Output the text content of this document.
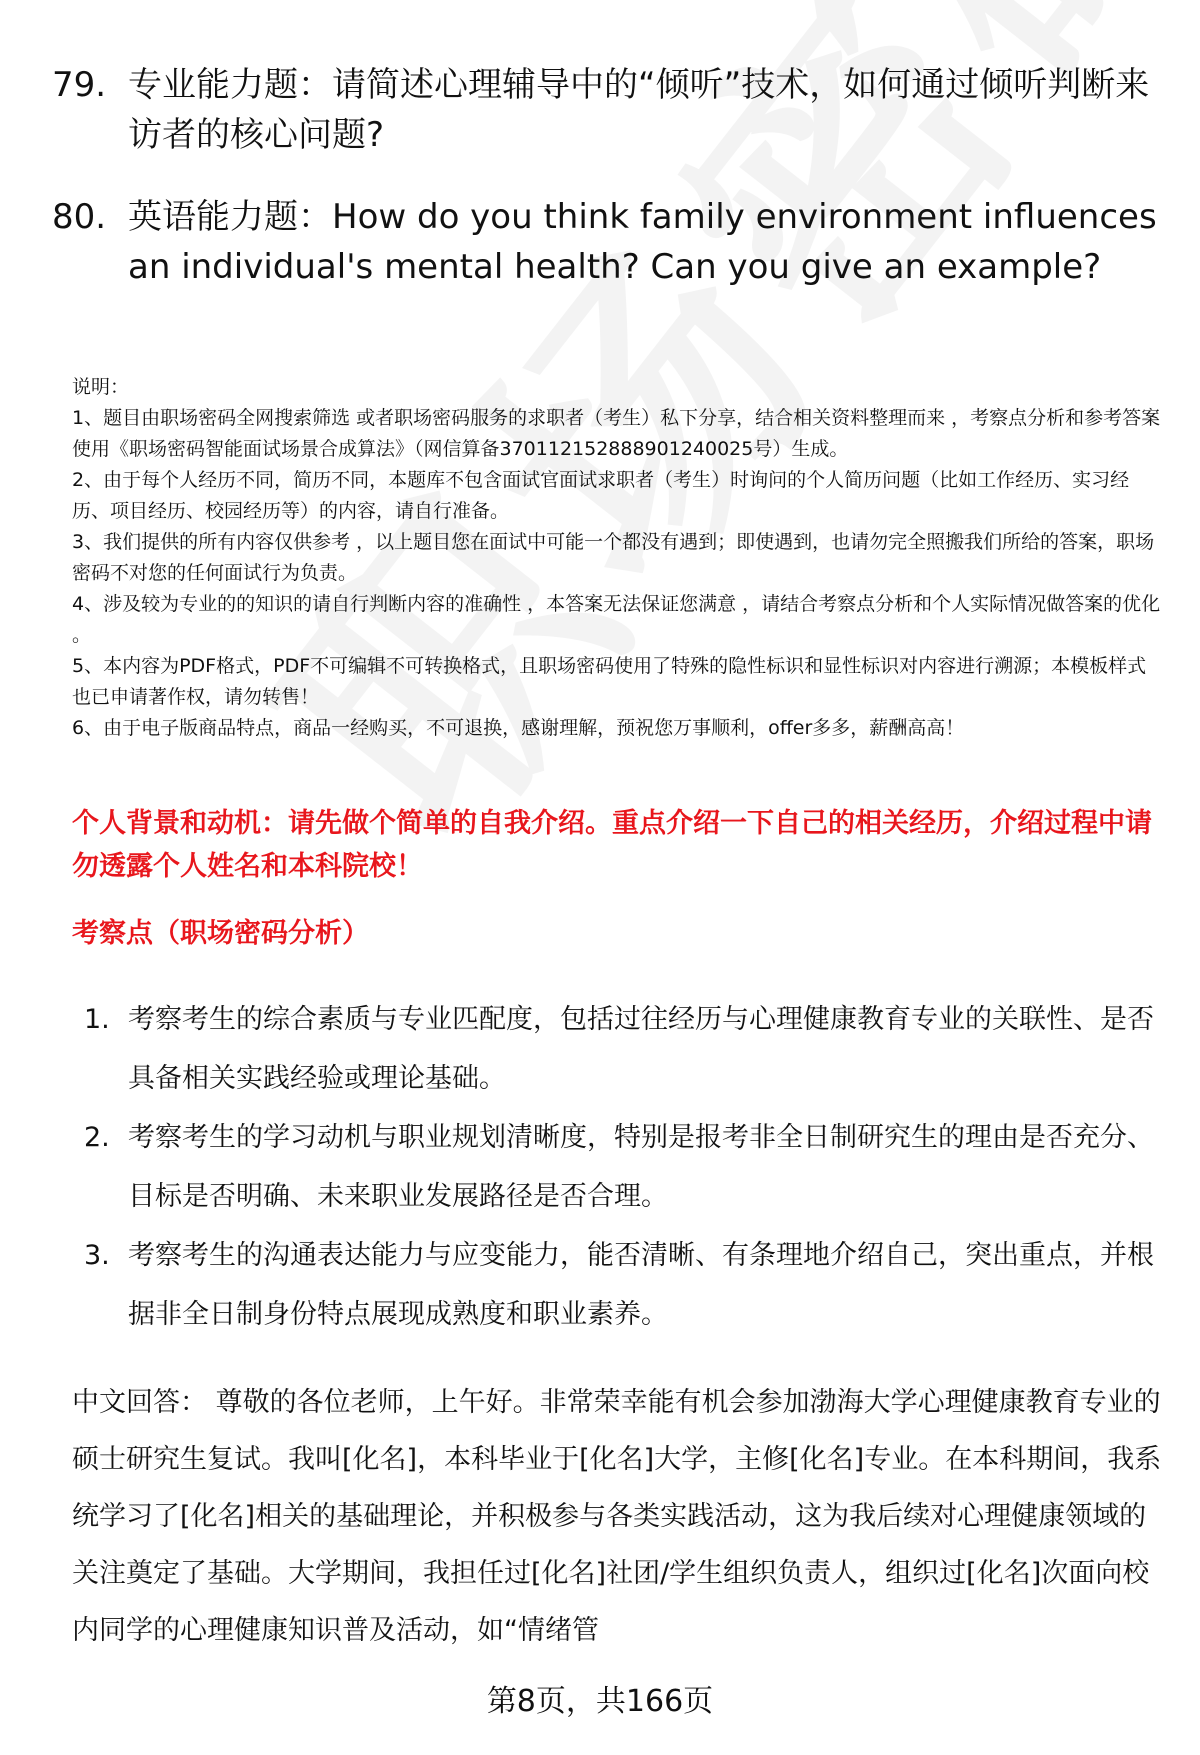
79. 专业能力题：请简述心理辅导中的“倾听”技术，如何通过倾听判断来访者的核心问题?
80. 英语能力题：How do you think family environment influences an individual's mental health? Can you give an example?

说明：

1、题目由职场密码全网搜索筛选 或者职场密码服务的求职者（考生）私下分享，结合相关资料整理而来 ，考察点分析和参考答案使用《职场密码智能面试场景合成算法》（网信算备370112152888901240025号）生成。

2、由于每个人经历不同，简历不同，本题库不包含面试官面试求职者（考生）时询问的个人简历问题（比如工作经历、实习经历、项目经历、校园经历等）的内容，请自行准备。

3、我们提供的所有内容仅供参考 ，以上题目您在面试中可能一个都没有遇到；即使遇到，也请勿完全照搬我们所给的答案，职场密码不对您的任何面试行为负责。

4、涉及较为专业的的知识的请自行判断内容的准确性 ，本答案无法保证您满意 ，请结合考察点分析和个人实际情况做答案的优化 。

5、本内容为PDF格式，PDF不可编辑不可转换格式，且职场密码使用了特殊的隐性标识和显性标识对内容进行溯源；本模板样式也已申请著作权，请勿转售！

6、由于电子版商品特点，商品一经购买，不可退换，感谢理解，预祝您万事顺利，offer多多，薪酬高高！

个人背景和动机：请先做个简单的自我介绍。重点介绍一下自己的相关经历，介绍过程中请勿透露个人姓名和本科院校！
考察点（职场密码分析）
1. 考察考生的综合素质与专业匹配度，包括过往经历与心理健康教育专业的关联性、是否具备相关实践经验或理论基础。
2. 考察考生的学习动机与职业规划清晰度，特别是报考非全日制研究生的理由是否充分、目标是否明确、未来职业发展路径是否合理。
3. 考察考生的沟通表达能力与应变能力，能否清晰、有条理地介绍自己，突出重点，并根据非全日制身份特点展现成熟度和职业素养。
中文回答： 尊敬的各位老师，上午好。非常荣幸能有机会参加渤海大学心理健康教育专业的硕士研究生复试。我叫[化名]，本科毕业于[化名]大学，主修[化名]专业。在本科期间，我系统学习了[化名]相关的基础理论，并积极参与各类实践活动，这为我后续对心理健康领域的关注奠定了基础。大学期间，我担任过[化名]社团/学生组织负责人，组织过[化名]次面向校内同学的心理健康知识普及活动，如“情绪管
第8页，共166页
